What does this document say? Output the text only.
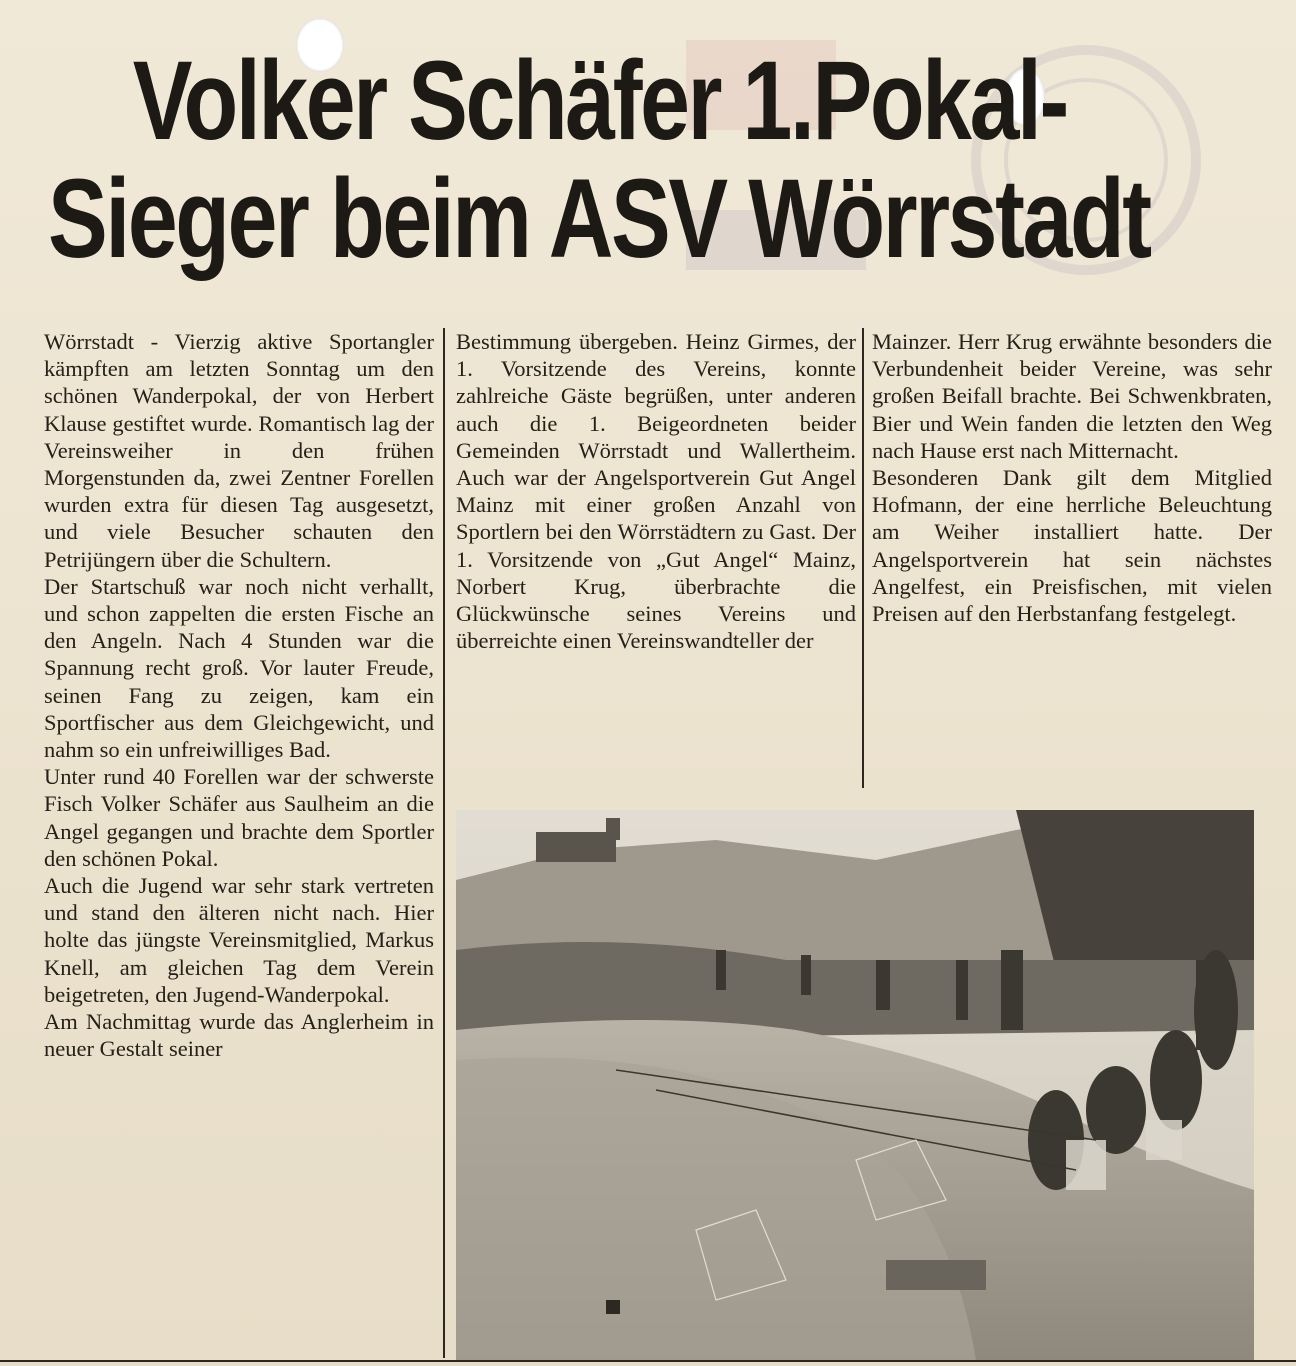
Volker Schäfer 1.Pokal-
Sieger beim ASV Wörrstadt

Wörrstadt - Vierzig aktive Sportangler kämpften am letzten Sonntag um den schönen Wanderpokal, der von Herbert Klause gestiftet wurde. Romantisch lag der Vereinsweiher in den frühen Morgenstunden da, zwei Zentner Forellen wurden extra für diesen Tag ausgesetzt, und viele Besucher schauten den Petrijüngern über die Schultern.

Der Startschuß war noch nicht verhallt, und schon zappelten die ersten Fische an den Angeln. Nach 4 Stunden war die Spannung recht groß. Vor lauter Freude, seinen Fang zu zeigen, kam ein Sportfischer aus dem Gleichgewicht, und nahm so ein unfreiwilliges Bad.

Unter rund 40 Forellen war der schwerste Fisch Volker Schäfer aus Saulheim an die Angel gegangen und brachte dem Sportler den schönen Pokal.

Auch die Jugend war sehr stark vertreten und stand den älteren nicht nach. Hier holte das jüngste Vereinsmitglied, Markus Knell, am gleichen Tag dem Verein beigetreten, den Jugend-Wanderpokal.

Am Nachmittag wurde das Anglerheim in neuer Gestalt seiner

Bestimmung übergeben. Heinz Girmes, der 1. Vorsitzende des Vereins, konnte zahlreiche Gäste begrüßen, unter anderen auch die 1. Beigeordneten beider Gemeinden Wörrstadt und Wallertheim. Auch war der Angelsportverein Gut Angel Mainz mit einer großen Anzahl von Sportlern bei den Wörrstädtern zu Gast. Der 1. Vorsitzende von „Gut Angel“ Mainz, Norbert Krug, überbrachte die Glückwünsche seines Vereins und überreichte einen Vereinswandteller der

Mainzer. Herr Krug erwähnte besonders die Verbundenheit beider Vereine, was sehr großen Beifall brachte. Bei Schwenkbraten, Bier und Wein fanden die letzten den Weg nach Hause erst nach Mitternacht.

Besonderen Dank gilt dem Mitglied Hofmann, der eine herrliche Beleuchtung am Weiher installiert hatte. Der Angelsportverein hat sein nächstes Angelfest, ein Preisfischen, mit vielen Preisen auf den Herbstanfang festgelegt.
